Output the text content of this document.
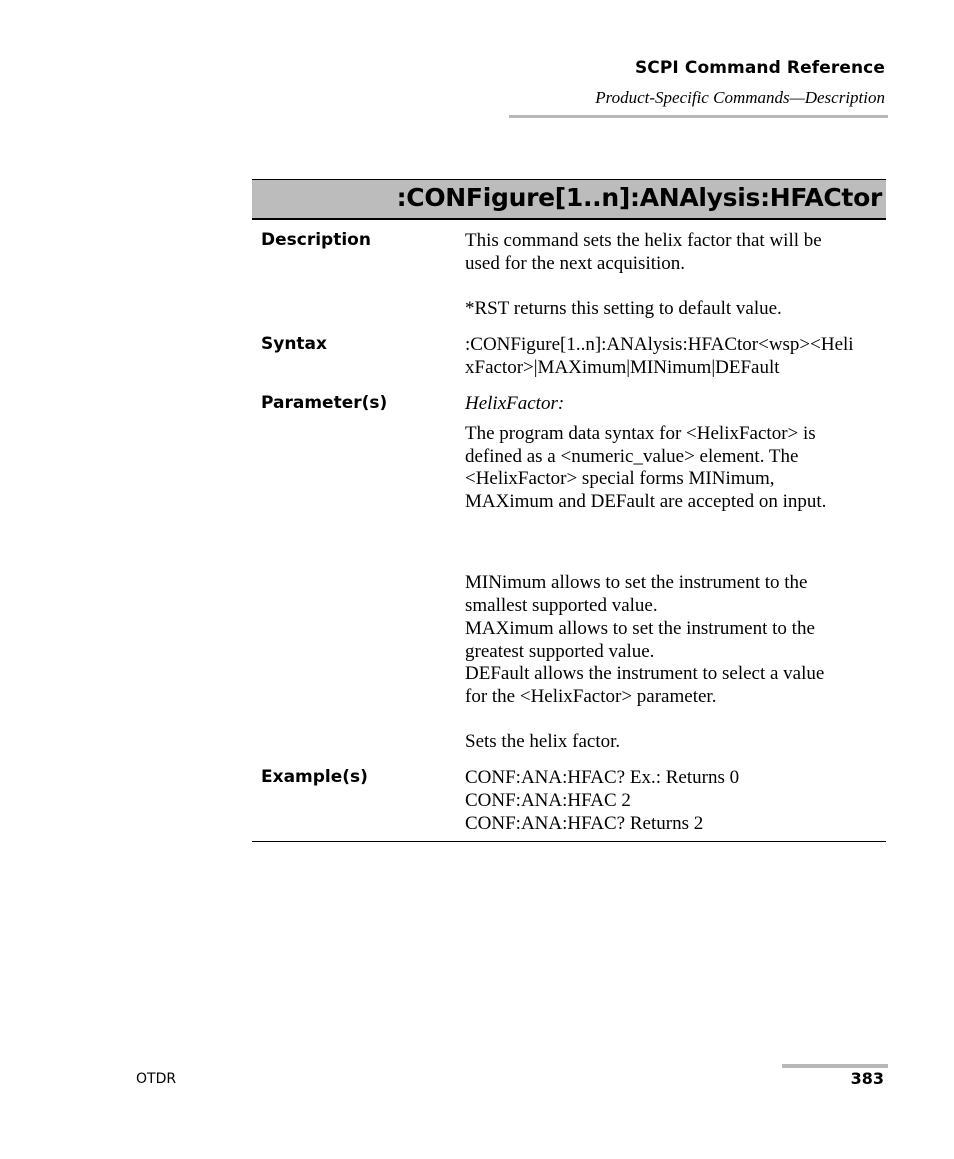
SCPI Command Reference
Product-Specific Commands—Description
:CONFigure[1..n]:ANAlysis:HFACtor
Description	This command sets the helix factor that will be
used for the next acquisition.
*RST returns this setting to default value.
Syntax	:CONFigure[1..n]:ANAlysis:HFACtor<wsp><Heli
xFactor>|MAXimum|MINimum|DEFault
Parameter(s)	HelixFactor:
The program data syntax for <HelixFactor> is
defined as a <numeric_value> element. The
<HelixFactor> special forms MINimum,
MAXimum and DEFault are accepted on input.
MINimum allows to set the instrument to the
smallest supported value.
MAXimum allows to set the instrument to the
greatest supported value.
DEFault allows the instrument to select a value
for the <HelixFactor> parameter.
Sets the helix factor.
Example(s)	CONF:ANA:HFAC? Ex.: Returns 0
CONF:ANA:HFAC 2
CONF:ANA:HFAC? Returns 2
OTDR	383
